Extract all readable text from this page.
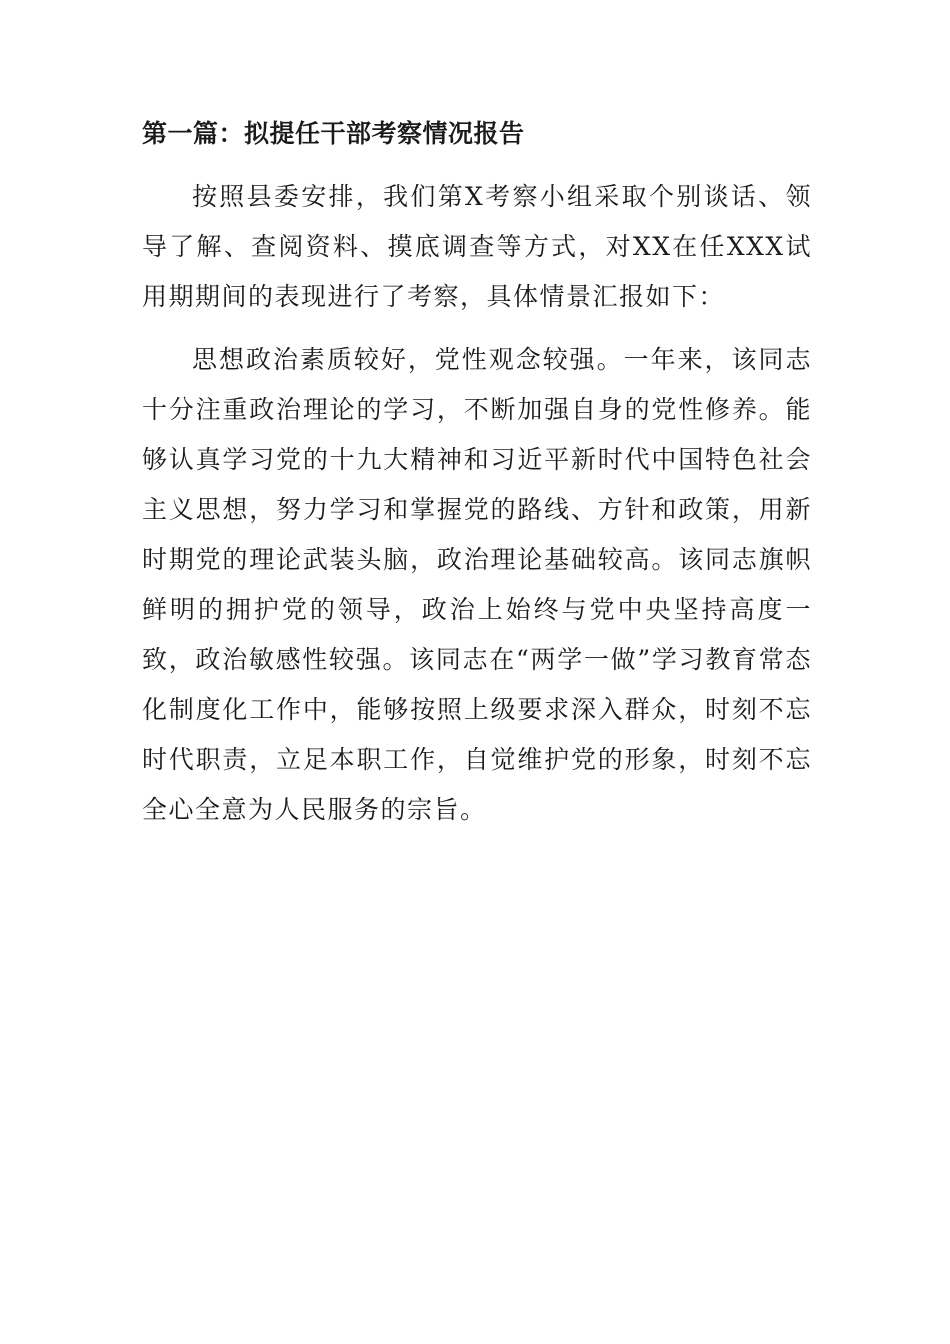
第一篇：拟提任干部考察情况报告

按照县委安排，我们第X考察小组采取个别谈话、领导了解、查阅资料、摸底调查等方式，对XX在任XXX试用期期间的表现进行了考察，具体情景汇报如下：

思想政治素质较好，党性观念较强。一年来，该同志十分注重政治理论的学习，不断加强自身的党性修养。能够认真学习党的十九大精神和习近平新时代中国特色社会主义思想，努力学习和掌握党的路线、方针和政策，用新时期党的理论武装头脑，政治理论基础较高。该同志旗帜鲜明的拥护党的领导，政治上始终与党中央坚持高度一致，政治敏感性较强。该同志在“两学一做”学习教育常态化制度化工作中，能够按照上级要求深入群众，时刻不忘时代职责，立足本职工作，自觉维护党的形象，时刻不忘全心全意为人民服务的宗旨。
